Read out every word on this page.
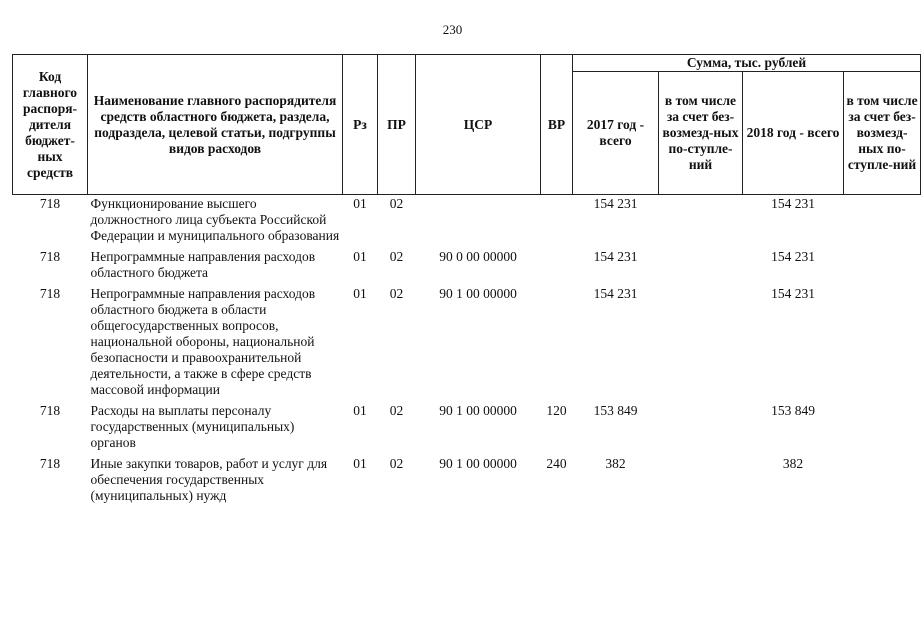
230
Код главного распоря-дителя бюджет-ных средств	Наименование главного распорядителя средств областного бюджета, раздела, подраздела, целевой статьи, подгруппы видов расходов	Рз	ПР	ЦСР	ВР	Сумма, тыс. рублей			
						2017 год - всего	в том числе за счет без-возмезд-ных по-ступле-ний	2018 год - всего	в том числе за счет без-возмезд-ных по-ступле-ний
718	Функционирование высшего должностного лица субъекта Российской Федерации и муниципального образования	01	02			154 231		154 231	
718	Непрограммные направления расходов областного бюджета	01	02	90 0 00 00000		154 231		154 231	
718	Непрограммные направления расходов областного бюджета в области общегосударственных вопросов, национальной обороны, национальной безопасности и правоохранительной деятельности, а также в сфере средств массовой информации	01	02	90 1 00 00000		154 231		154 231	
718	Расходы на выплаты персоналу государственных (муниципальных) органов	01	02	90 1 00 00000	120	153 849		153 849	
718	Иные закупки товаров, работ и услуг для обеспечения государственных (муниципальных) нужд	01	02	90 1 00 00000	240	382		382	
